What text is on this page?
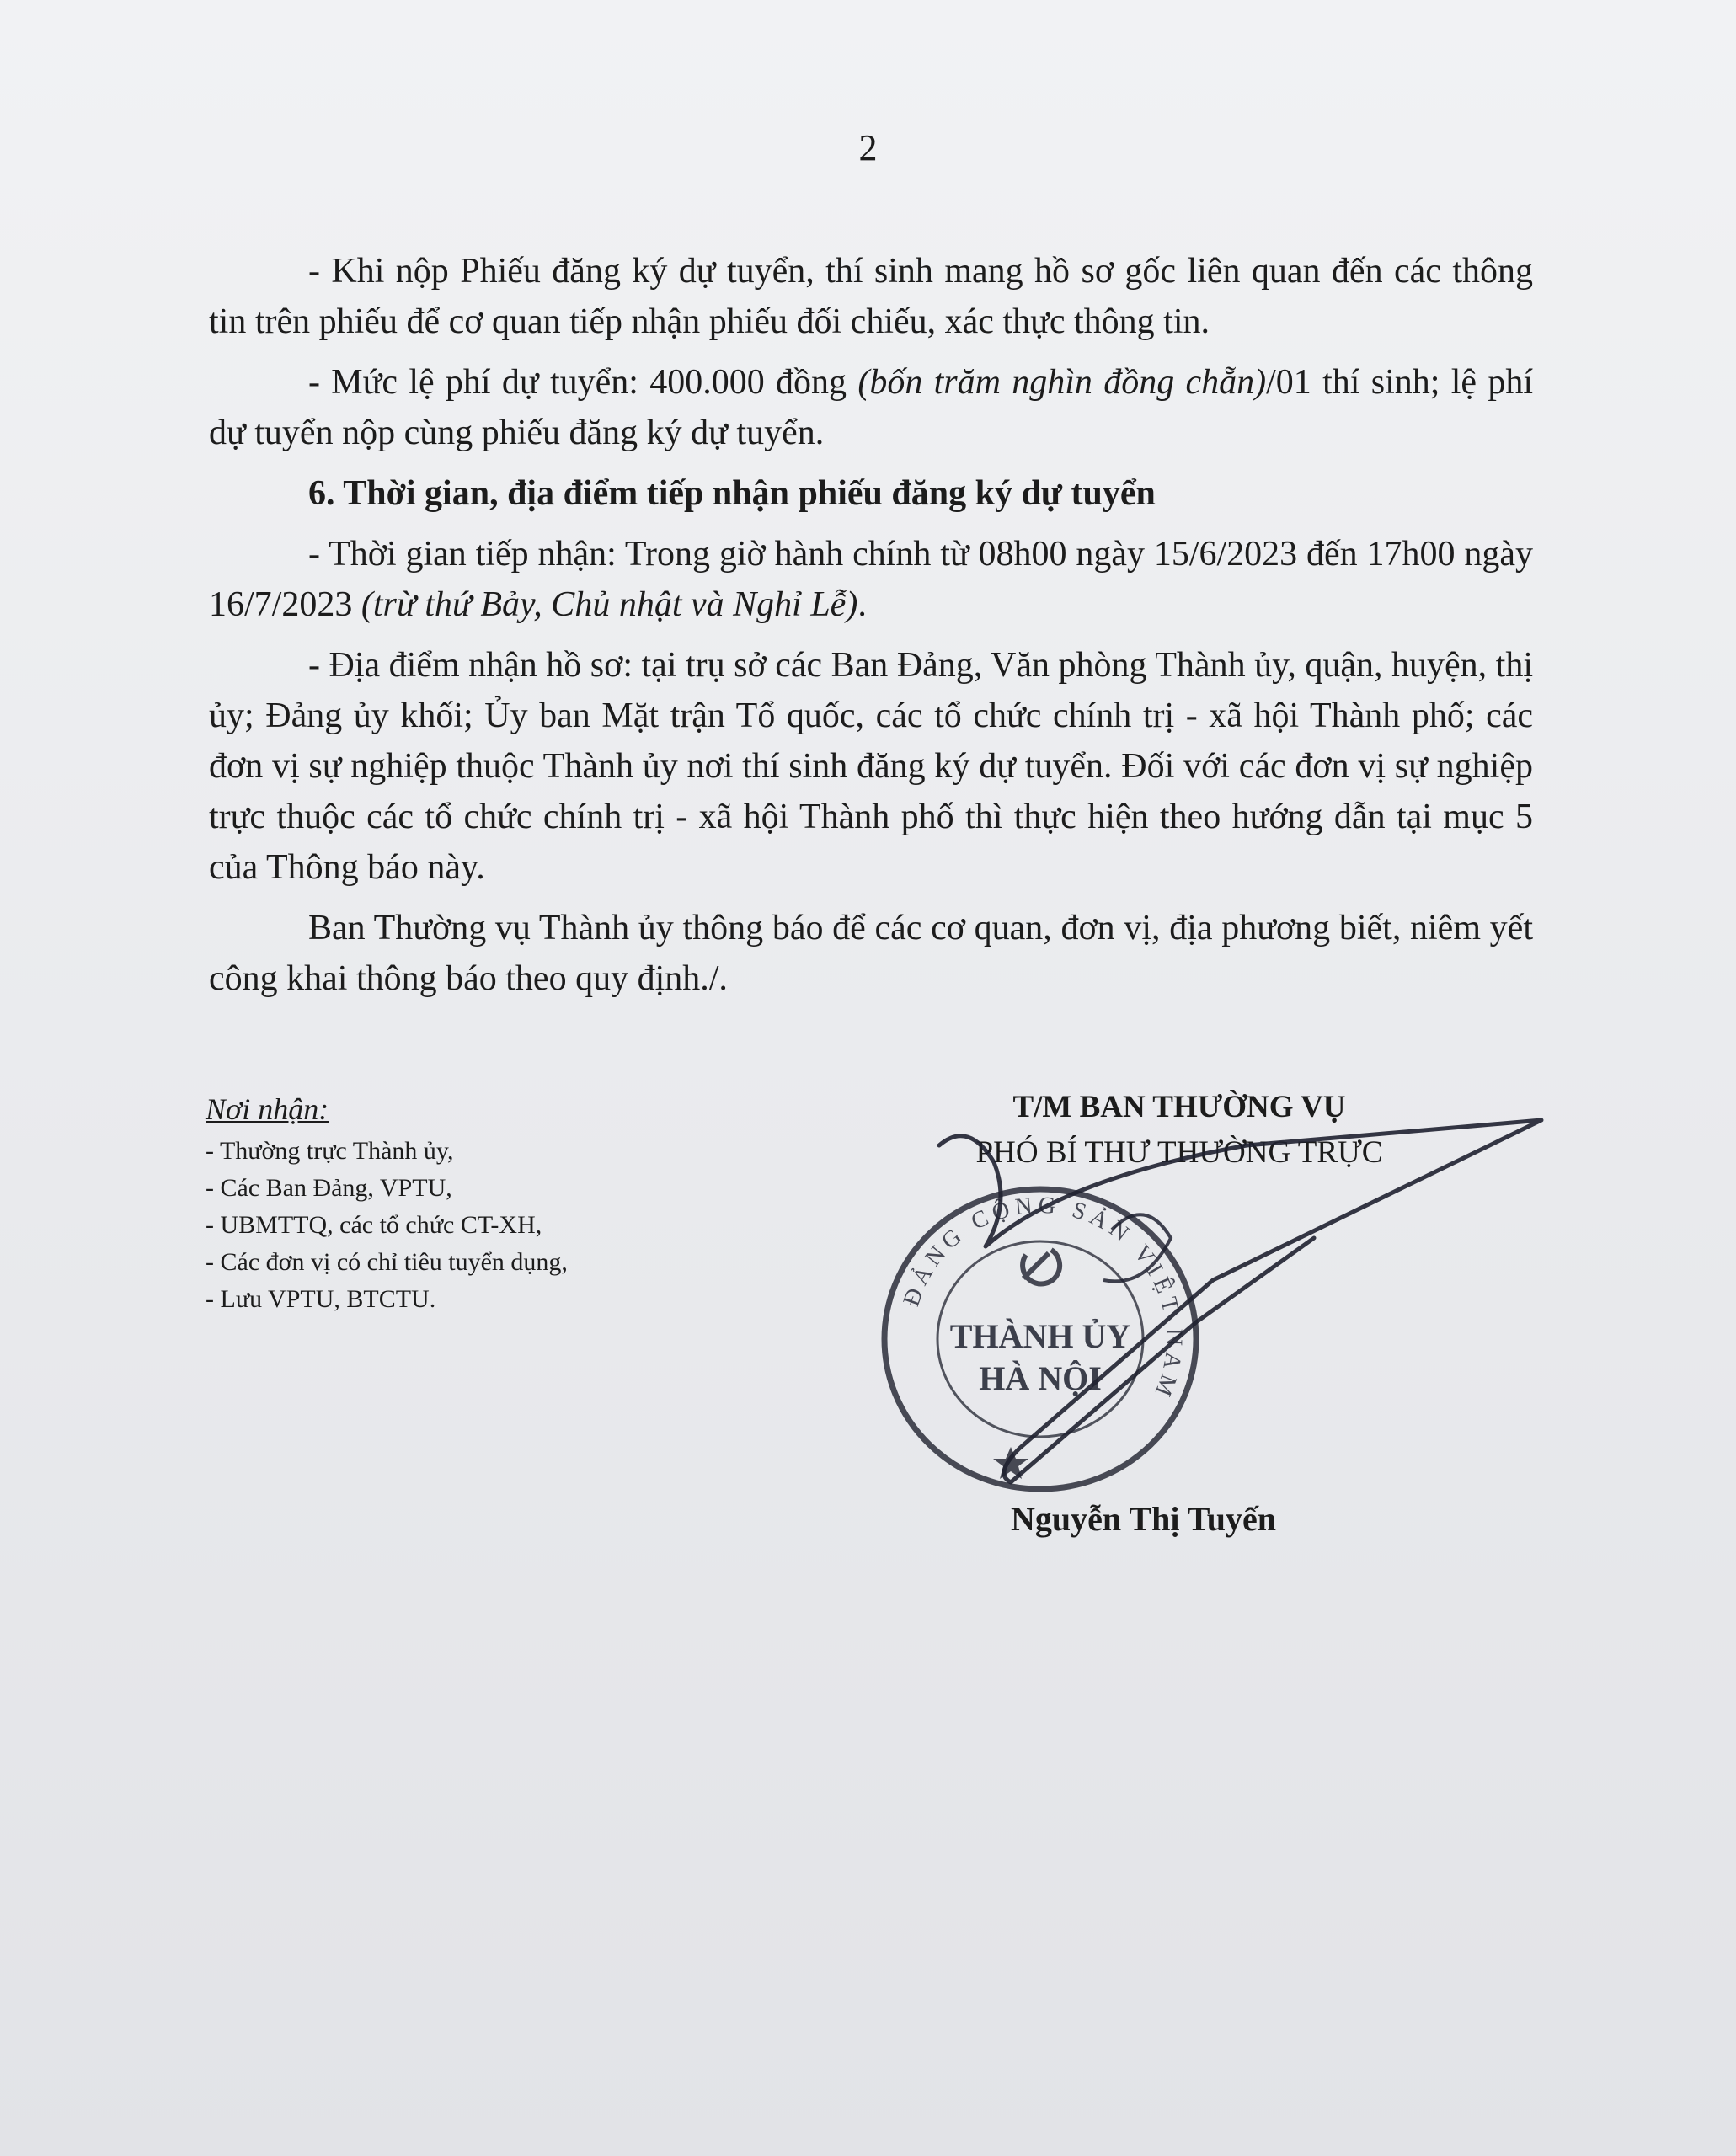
2

- Khi nộp Phiếu đăng ký dự tuyển, thí sinh mang hồ sơ gốc liên quan đến các thông tin trên phiếu để cơ quan tiếp nhận phiếu đối chiếu, xác thực thông tin.

- Mức lệ phí dự tuyển: 400.000 đồng (bốn trăm nghìn đồng chẵn)/01 thí sinh; lệ phí dự tuyển nộp cùng phiếu đăng ký dự tuyển.

6. Thời gian, địa điểm tiếp nhận phiếu đăng ký dự tuyển

- Thời gian tiếp nhận: Trong giờ hành chính từ 08h00 ngày 15/6/2023 đến 17h00 ngày 16/7/2023 (trừ thứ Bảy, Chủ nhật và Nghỉ Lễ).

- Địa điểm nhận hồ sơ: tại trụ sở các Ban Đảng, Văn phòng Thành ủy, quận, huyện, thị ủy; Đảng ủy khối; Ủy ban Mặt trận Tổ quốc, các tổ chức chính trị - xã hội Thành phố; các đơn vị sự nghiệp thuộc Thành ủy nơi thí sinh đăng ký dự tuyển. Đối với các đơn vị sự nghiệp trực thuộc các tổ chức chính trị - xã hội Thành phố thì thực hiện theo hướng dẫn tại mục 5 của Thông báo này.

Ban Thường vụ Thành ủy thông báo để các cơ quan, đơn vị, địa phương biết, niêm yết công khai thông báo theo quy định./.

Nơi nhận:
- Thường trực Thành ủy,
- Các Ban Đảng, VPTU,
- UBMTTQ, các tổ chức CT-XH,
- Các đơn vị có chỉ tiêu tuyển dụng,
- Lưu VPTU, BTCTU.
T/M BAN THƯỜNG VỤ
PHÓ BÍ THƯ THƯỜNG TRỰC
ĐẢNG CỘNG SẢN VIỆT NAM
THÀNH ỦY
HÀ NỘI
Nguyễn Thị Tuyến
